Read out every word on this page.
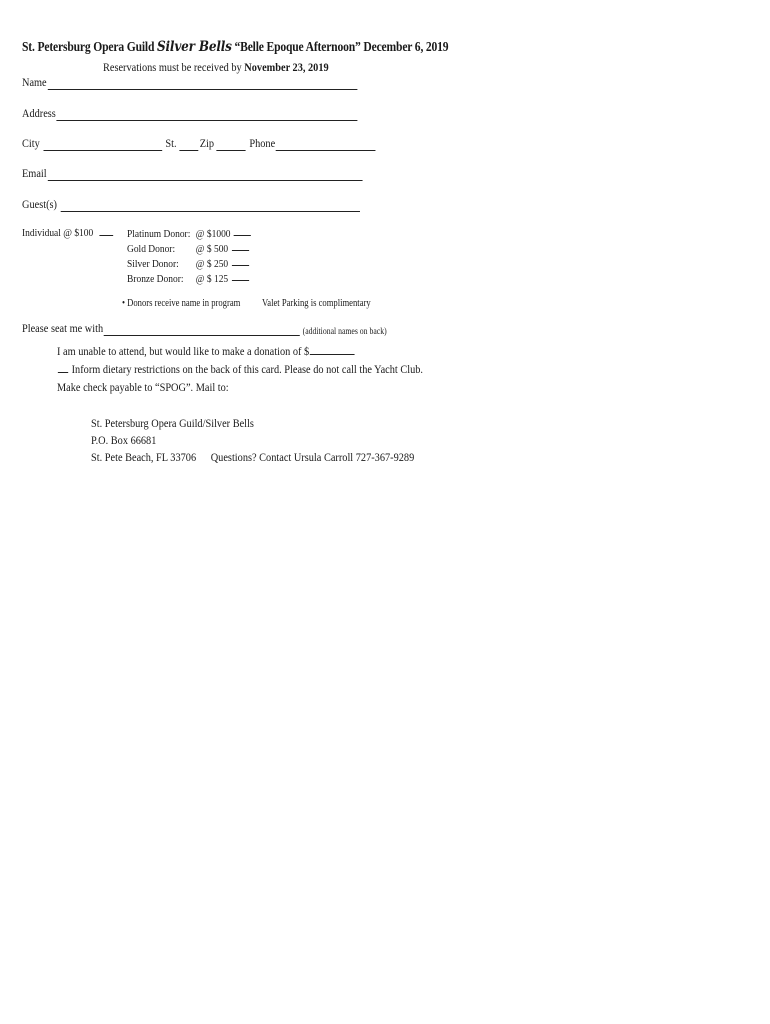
St. Petersburg Opera Guild Silver Bells “Belle Epoque Afternoon” December 6, 2019
Reservations must be received by November 23, 2019
Name
Address
City	St. Zip	Phone
Email
Guest(s)
Individual @ $100	Platinum Donor: @ $1000
Gold Donor:	@ $ 500
Silver Donor:	@ $ 250
Bronze Donor:	@ $ 125
• Donors receive name in program Valet Parking is complimentary
Please seat me with	(additional names on back)
I am unable to attend, but would like to make a donation of $
Inform dietary restrictions on the back of this card. Please do not call the Yacht Club.
Make check payable to “SPOG”. Mail to:
St. Petersburg Opera Guild/Silver Bells
P.O. Box 66681
St. Pete Beach, FL 33706 Questions? Contact Ursula Carroll 727-367-9289
